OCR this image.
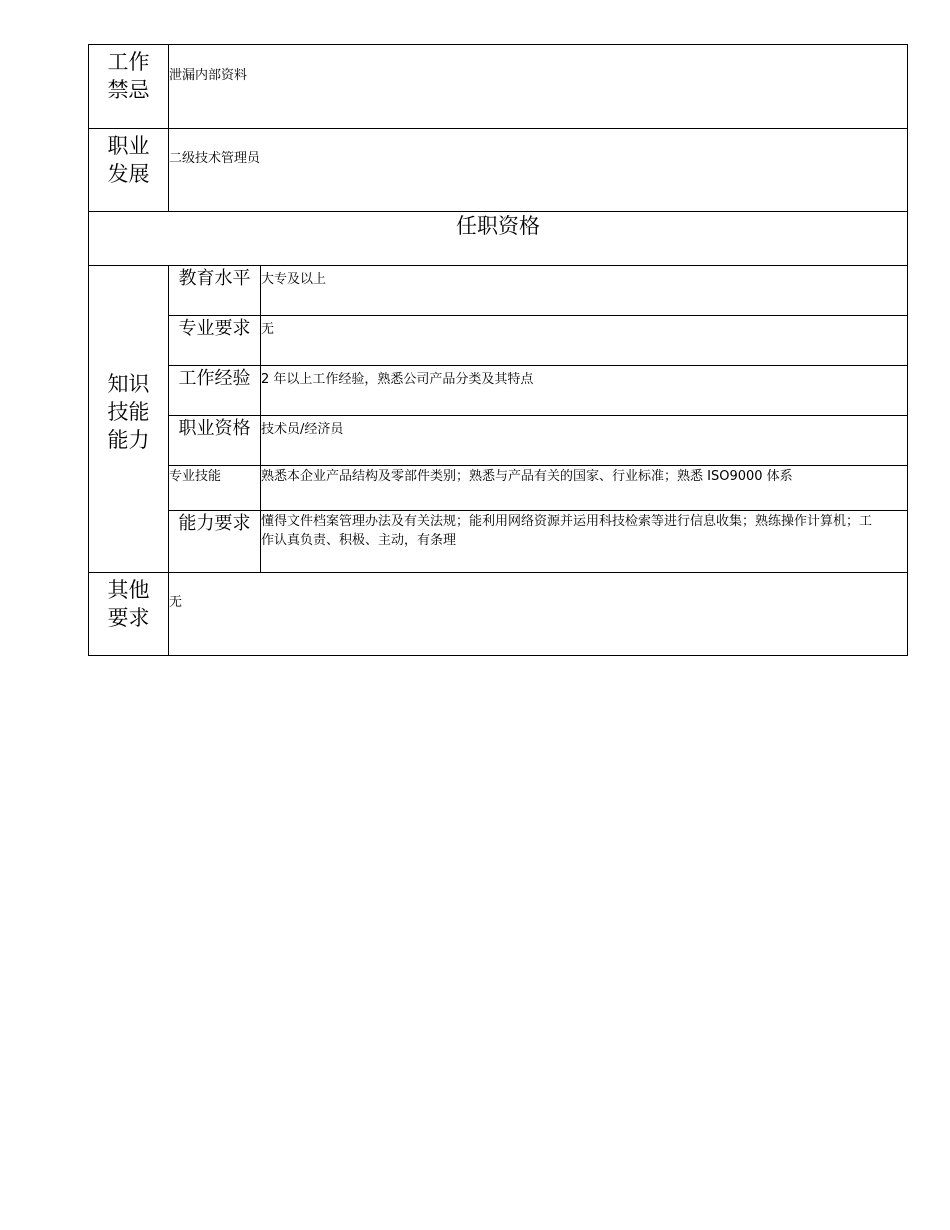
工作
禁忌	泄漏内部资料	

职业
发展	二级技术管理员	
任职资格		

知识
技能
能力	教育水平	大专及以上
	专业要求	无
	工作经验	2 年以上工作经验，熟悉公司产品分类及其特点
	职业资格	技术员/经济员
	专业技能	熟悉本企业产品结构及零部件类别；熟悉与产品有关的国家、行业标准；熟悉 ISO9000 体系
	能力要求	懂得文件档案管理办法及有关法规；能利用网络资源并运用科技检索等进行信息收集；熟练操作计算机；工作认真负责、积极、主动，有条理

其他
要求	无	
